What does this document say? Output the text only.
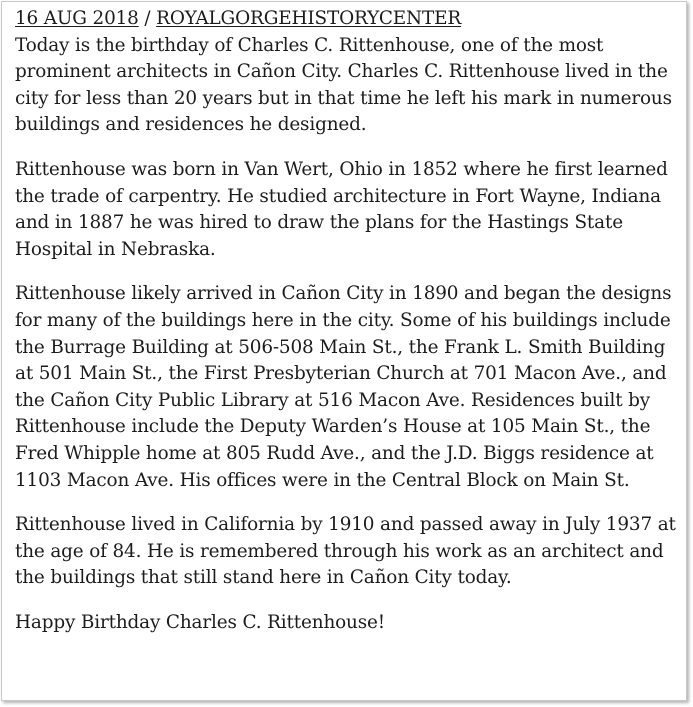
16 AUG 2018 / ROYALGORGEHISTORYCENTER

Today is the birthday of Charles C. Rittenhouse, one of the most prominent architects in Cañon City. Charles C. Rittenhouse lived in the city for less than 20 years but in that time he left his mark in numerous buildings and residences he designed.

Rittenhouse was born in Van Wert, Ohio in 1852 where he first learned the trade of carpentry. He studied architecture in Fort Wayne, Indiana and in 1887 he was hired to draw the plans for the Hastings State Hospital in Nebraska.

Rittenhouse likely arrived in Cañon City in 1890 and began the designs for many of the buildings here in the city. Some of his buildings include the Burrage Building at 506-508 Main St., the Frank L. Smith Building at 501 Main St., the First Presbyterian Church at 701 Macon Ave., and the Cañon City Public Library at 516 Macon Ave. Residences built by Rittenhouse include the Deputy Warden’s House at 105 Main St., the Fred Whipple home at 805 Rudd Ave., and the J.D. Biggs residence at 1103 Macon Ave. His offices were in the Central Block on Main St.

Rittenhouse lived in California by 1910 and passed away in July 1937 at the age of 84. He is remembered through his work as an architect and the buildings that still stand here in Cañon City today.

Happy Birthday Charles C. Rittenhouse!
